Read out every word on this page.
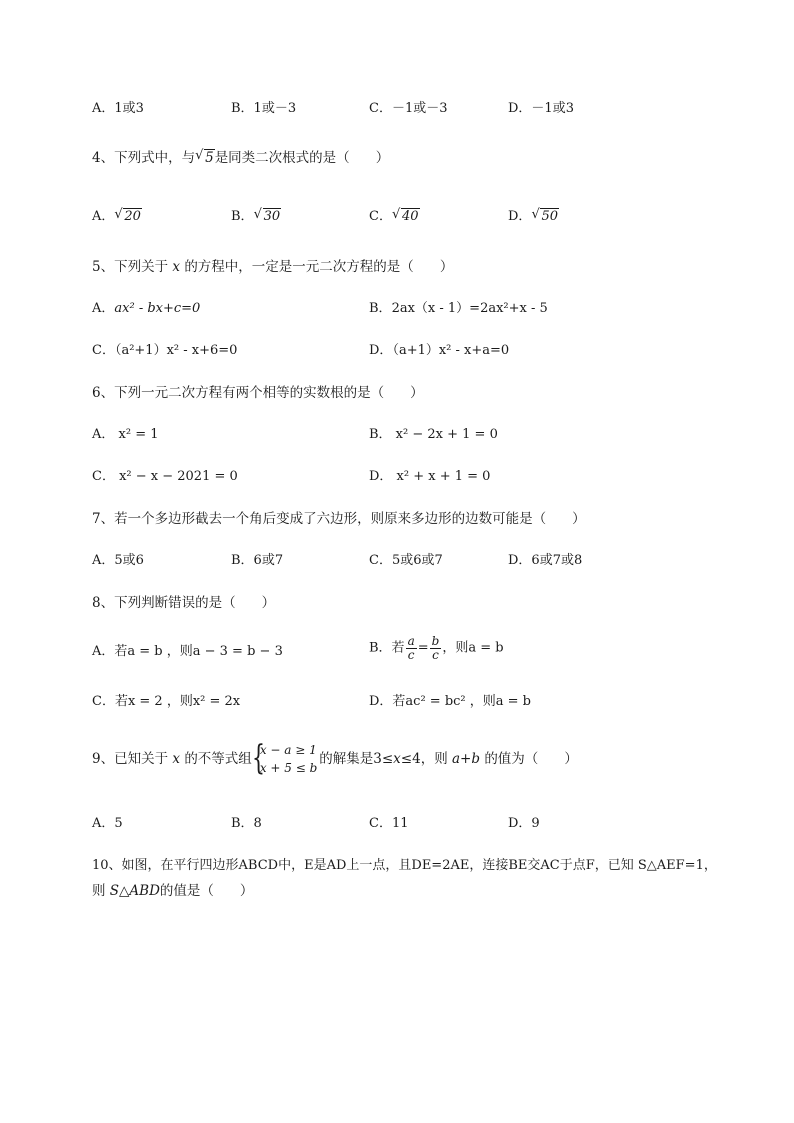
A．1或3	B．1或－3	C．－1或－3	D．－1或3
4、下列式中，与 √ 5是同类二次根式的是（ ）
A． √ 20	B． √ 30	C． √ 40	D． √ 50
5、下列关于 x 的方程中，一定是一元二次方程的是（ ）
A．ax² - bx+c=0	B．2ax（x - 1）=2ax²+x - 5
C．（a²+1）x² - x+6=0	D．（a+1）x² - x+a=0
6、下列一元二次方程有两个相等的实数根的是（ ）
A． x² = 1	B． x² − 2x + 1 = 0
C． x² − x − 2021 = 0	D． x² + x + 1 = 0
7、若一个多边形截去一个角后变成了六边形，则原来多边形的边数可能是（ ）
A．5或6	B．6或7	C．5或6或7	D．6或7或8
8、下列判断错误的是（ ）
A．若a = b ，则a − 3 = b − 3	B．若 $\frac{a}{c} = \frac{b}{c}$ ，则a = b
C．若x = 2 ，则x² = 2x	D．若ac² = bc² ，则a = b
9、已知关于 x 的不等式组 {
x − a ≥ 1
x + 5 ≤ b
的解集是3≤x≤4，则 a+b 的值为（ ）
A．5	B．8	C．11	D．9
10、如图，在平行四边形ABCD中，E是AD上一点，且DE=2AE，连接BE交AC于点F，已知 S△AEF=1，
则 S△ABD的值是（ ）
